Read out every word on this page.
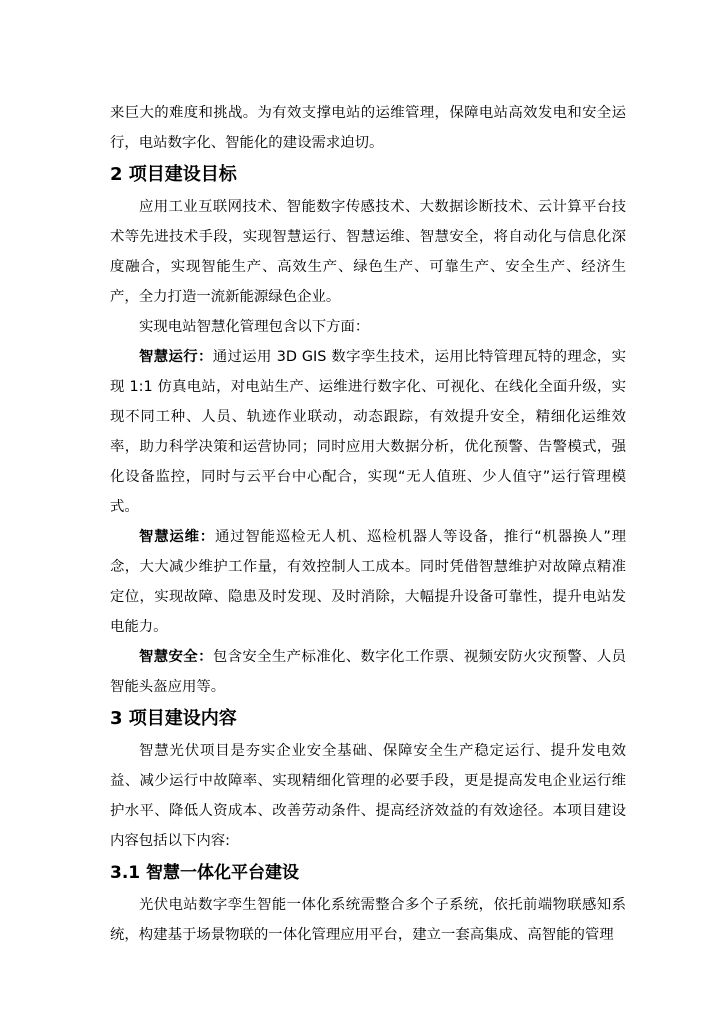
来巨大的难度和挑战。为有效支撑电站的运维管理，保障电站高效发电和安全运行，电站数字化、智能化的建设需求迫切。

2 项目建设目标

应用工业互联网技术、智能数字传感技术、大数据诊断技术、云计算平台技术等先进技术手段，实现智慧运行、智慧运维、智慧安全，将自动化与信息化深度融合，实现智能生产、高效生产、绿色生产、可靠生产、安全生产、经济生产，全力打造一流新能源绿色企业。

实现电站智慧化管理包含以下方面：

智慧运行：通过运用 3D GIS 数字孪生技术，运用比特管理瓦特的理念，实现 1:1 仿真电站，对电站生产、运维进行数字化、可视化、在线化全面升级，实现不同工种、人员、轨迹作业联动，动态跟踪，有效提升安全，精细化运维效率，助力科学决策和运营协同；同时应用大数据分析，优化预警、告警模式，强化设备监控，同时与云平台中心配合，实现“无人值班、少人值守”运行管理模式。

智慧运维：通过智能巡检无人机、巡检机器人等设备，推行“机器换人”理念，大大减少维护工作量，有效控制人工成本。同时凭借智慧维护对故障点精准定位，实现故障、隐患及时发现、及时消除，大幅提升设备可靠性，提升电站发电能力。

智慧安全：包含安全生产标准化、数字化工作票、视频安防火灾预警、人员智能头盔应用等。

3 项目建设内容

智慧光伏项目是夯实企业安全基础、保障安全生产稳定运行、提升发电效益、减少运行中故障率、实现精细化管理的必要手段，更是提高发电企业运行维护水平、降低人资成本、改善劳动条件、提高经济效益的有效途径。本项目建设内容包括以下内容:

3.1 智慧一体化平台建设

光伏电站数字孪生智能一体化系统需整合多个子系统，依托前端物联感知系统，构建基于场景物联的一体化管理应用平台，建立一套高集成、高智能的管理
